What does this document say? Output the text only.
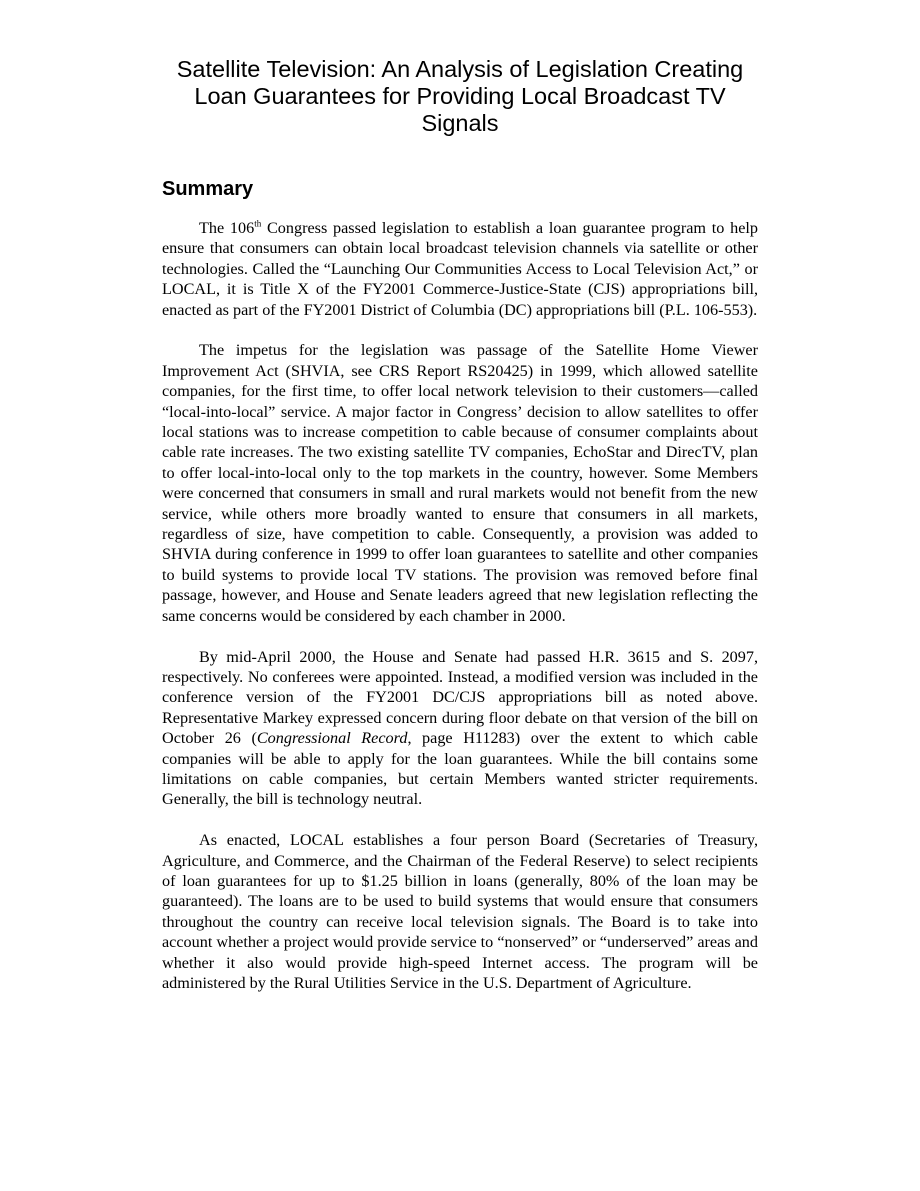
Satellite Television: An Analysis of Legislation Creating Loan Guarantees for Providing Local Broadcast TV Signals
Summary

The 106th Congress passed legislation to establish a loan guarantee program to help ensure that consumers can obtain local broadcast television channels via satellite or other technologies. Called the “Launching Our Communities Access to Local Television Act,” or LOCAL, it is Title X of the FY2001 Commerce-Justice-State (CJS) appropriations bill, enacted as part of the FY2001 District of Columbia (DC) appropriations bill (P.L. 106-553).

The impetus for the legislation was passage of the Satellite Home Viewer Improvement Act (SHVIA, see CRS Report RS20425) in 1999, which allowed satellite companies, for the first time, to offer local network television to their customers—called “local-into-local” service. A major factor in Congress’ decision to allow satellites to offer local stations was to increase competition to cable because of consumer complaints about cable rate increases. The two existing satellite TV companies, EchoStar and DirecTV, plan to offer local-into-local only to the top markets in the country, however. Some Members were concerned that consumers in small and rural markets would not benefit from the new service, while others more broadly wanted to ensure that consumers in all markets, regardless of size, have competition to cable. Consequently, a provision was added to SHVIA during conference in 1999 to offer loan guarantees to satellite and other companies to build systems to provide local TV stations. The provision was removed before final passage, however, and House and Senate leaders agreed that new legislation reflecting the same concerns would be considered by each chamber in 2000.

By mid-April 2000, the House and Senate had passed H.R. 3615 and S. 2097, respectively. No conferees were appointed. Instead, a modified version was included in the conference version of the FY2001 DC/CJS appropriations bill as noted above. Representative Markey expressed concern during floor debate on that version of the bill on October 26 (Congressional Record, page H11283) over the extent to which cable companies will be able to apply for the loan guarantees. While the bill contains some limitations on cable companies, but certain Members wanted stricter requirements. Generally, the bill is technology neutral.

As enacted, LOCAL establishes a four person Board (Secretaries of Treasury, Agriculture, and Commerce, and the Chairman of the Federal Reserve) to select recipients of loan guarantees for up to $1.25 billion in loans (generally, 80% of the loan may be guaranteed). The loans are to be used to build systems that would ensure that consumers throughout the country can receive local television signals. The Board is to take into account whether a project would provide service to “nonserved” or “underserved” areas and whether it also would provide high-speed Internet access. The program will be administered by the Rural Utilities Service in the U.S. Department of Agriculture.
